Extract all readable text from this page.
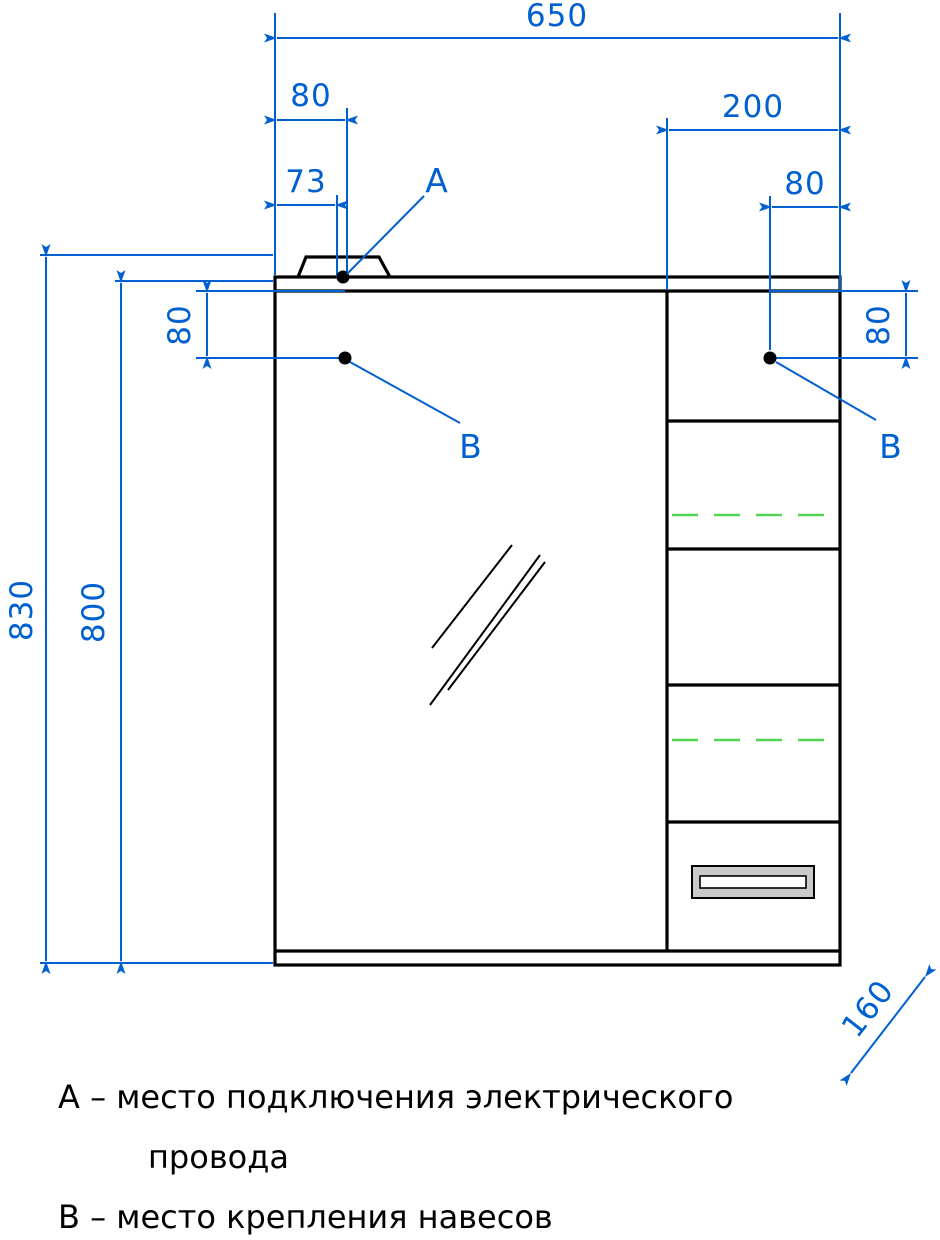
650
80
73
200
80
830 800
80	80
160
A
B	B
A – место подключения электрического
провода
B – место крепления навесов
